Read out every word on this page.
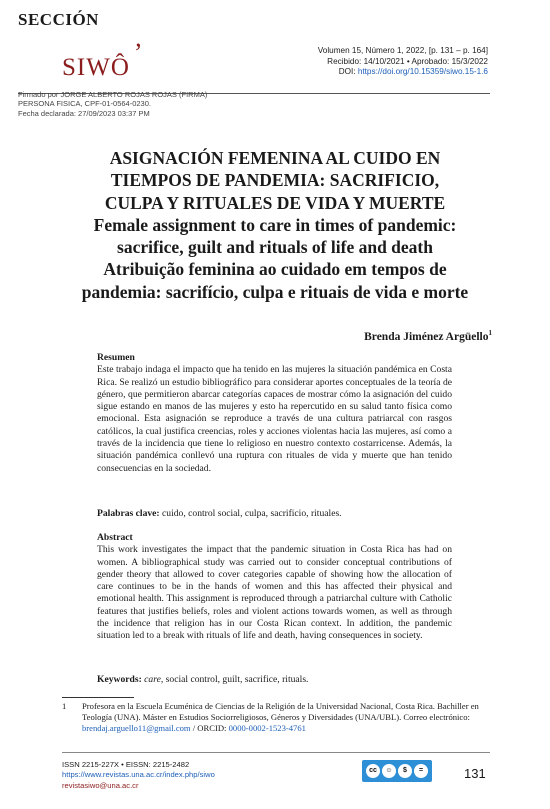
SECCIÓN
SIWÔ’	Volumen 15, Número 1, 2022, [p. 131 – p. 164]
Recibido: 14/10/2021 • Aprobado: 15/3/2022
DOI: https://doi.org/10.15359/siwo.15-1.6
Firmado por JORGE ALBERTO ROJAS ROJAS (FIRMA)
PERSONA FISICA, CPF-01-0564-0230.
Fecha declarada: 27/09/2023 03:37 PM
ASIGNACIÓN FEMENINA AL CUIDO EN
TIEMPOS DE PANDEMIA: SACRIFICIO,
CULPA Y RITUALES DE VIDA Y MUERTE
Female assignment to care in times of pandemic:
sacrifice, guilt and rituals of life and death
Atribuição feminina ao cuidado em tempos de
pandemia: sacrifício, culpa e rituais de vida e morte
Brenda Jiménez Argüello$^1$
Resumen
Este trabajo indaga el impacto que ha tenido en las mujeres la situación pandémica en Costa Rica. Se realizó un estudio bibliográfico para considerar aportes conceptuales de la teoría de género, que permitieron abarcar categorías capaces de mostrar cómo la asignación del cuido sigue estando en manos de las mujeres y esto ha repercutido en su salud tanto física como emocional. Esta asignación se reproduce a través de una cultura patriarcal con rasgos católicos, la cual justifica creencias, roles y acciones violentas hacia las mujeres, así como a través de la incidencia que tiene lo religioso en nuestro contexto costarricense. Además, la situación pandémica conllevó una ruptura con rituales de vida y muerte que han tenido consecuencias en la sociedad.
Palabras clave: cuido, control social, culpa, sacrificio, rituales.
Abstract
This work investigates the impact that the pandemic situation in Costa Rica has had on women. A bibliographical study was carried out to consider conceptual contributions of gender theory that allowed to cover categories capable of showing how the allocation of care continues to be in the hands of women and this has affected their physical and emotional health. This assignment is reproduced through a patriarchal culture with Catholic features that justifies beliefs, roles and violent actions towards women, as well as through the incidence that religion has in our Costa Rican context. In addition, the pandemic situation led to a break with rituals of life and death, having consequences in society.
Keywords: care, social control, guilt, sacrifice, rituals.
1 Profesora en la Escuela Ecuménica de Ciencias de la Religión de la Universidad Nacional, Costa Rica. Bachiller en Teología (UNA). Máster en Estudios Sociorreligiosos, Géneros y Diversidades (UNA/UBL). Correo electrónico: brendaj.arguello11@gmail.com / ORCID: 0000-0002-1523-4761
ISSN 2215-227X • EISSN: 2215-2482
https://www.revistas.una.ac.cr/index.php/siwo
revistasiwo@una.ac.cr
cc	☺	$	=	131
